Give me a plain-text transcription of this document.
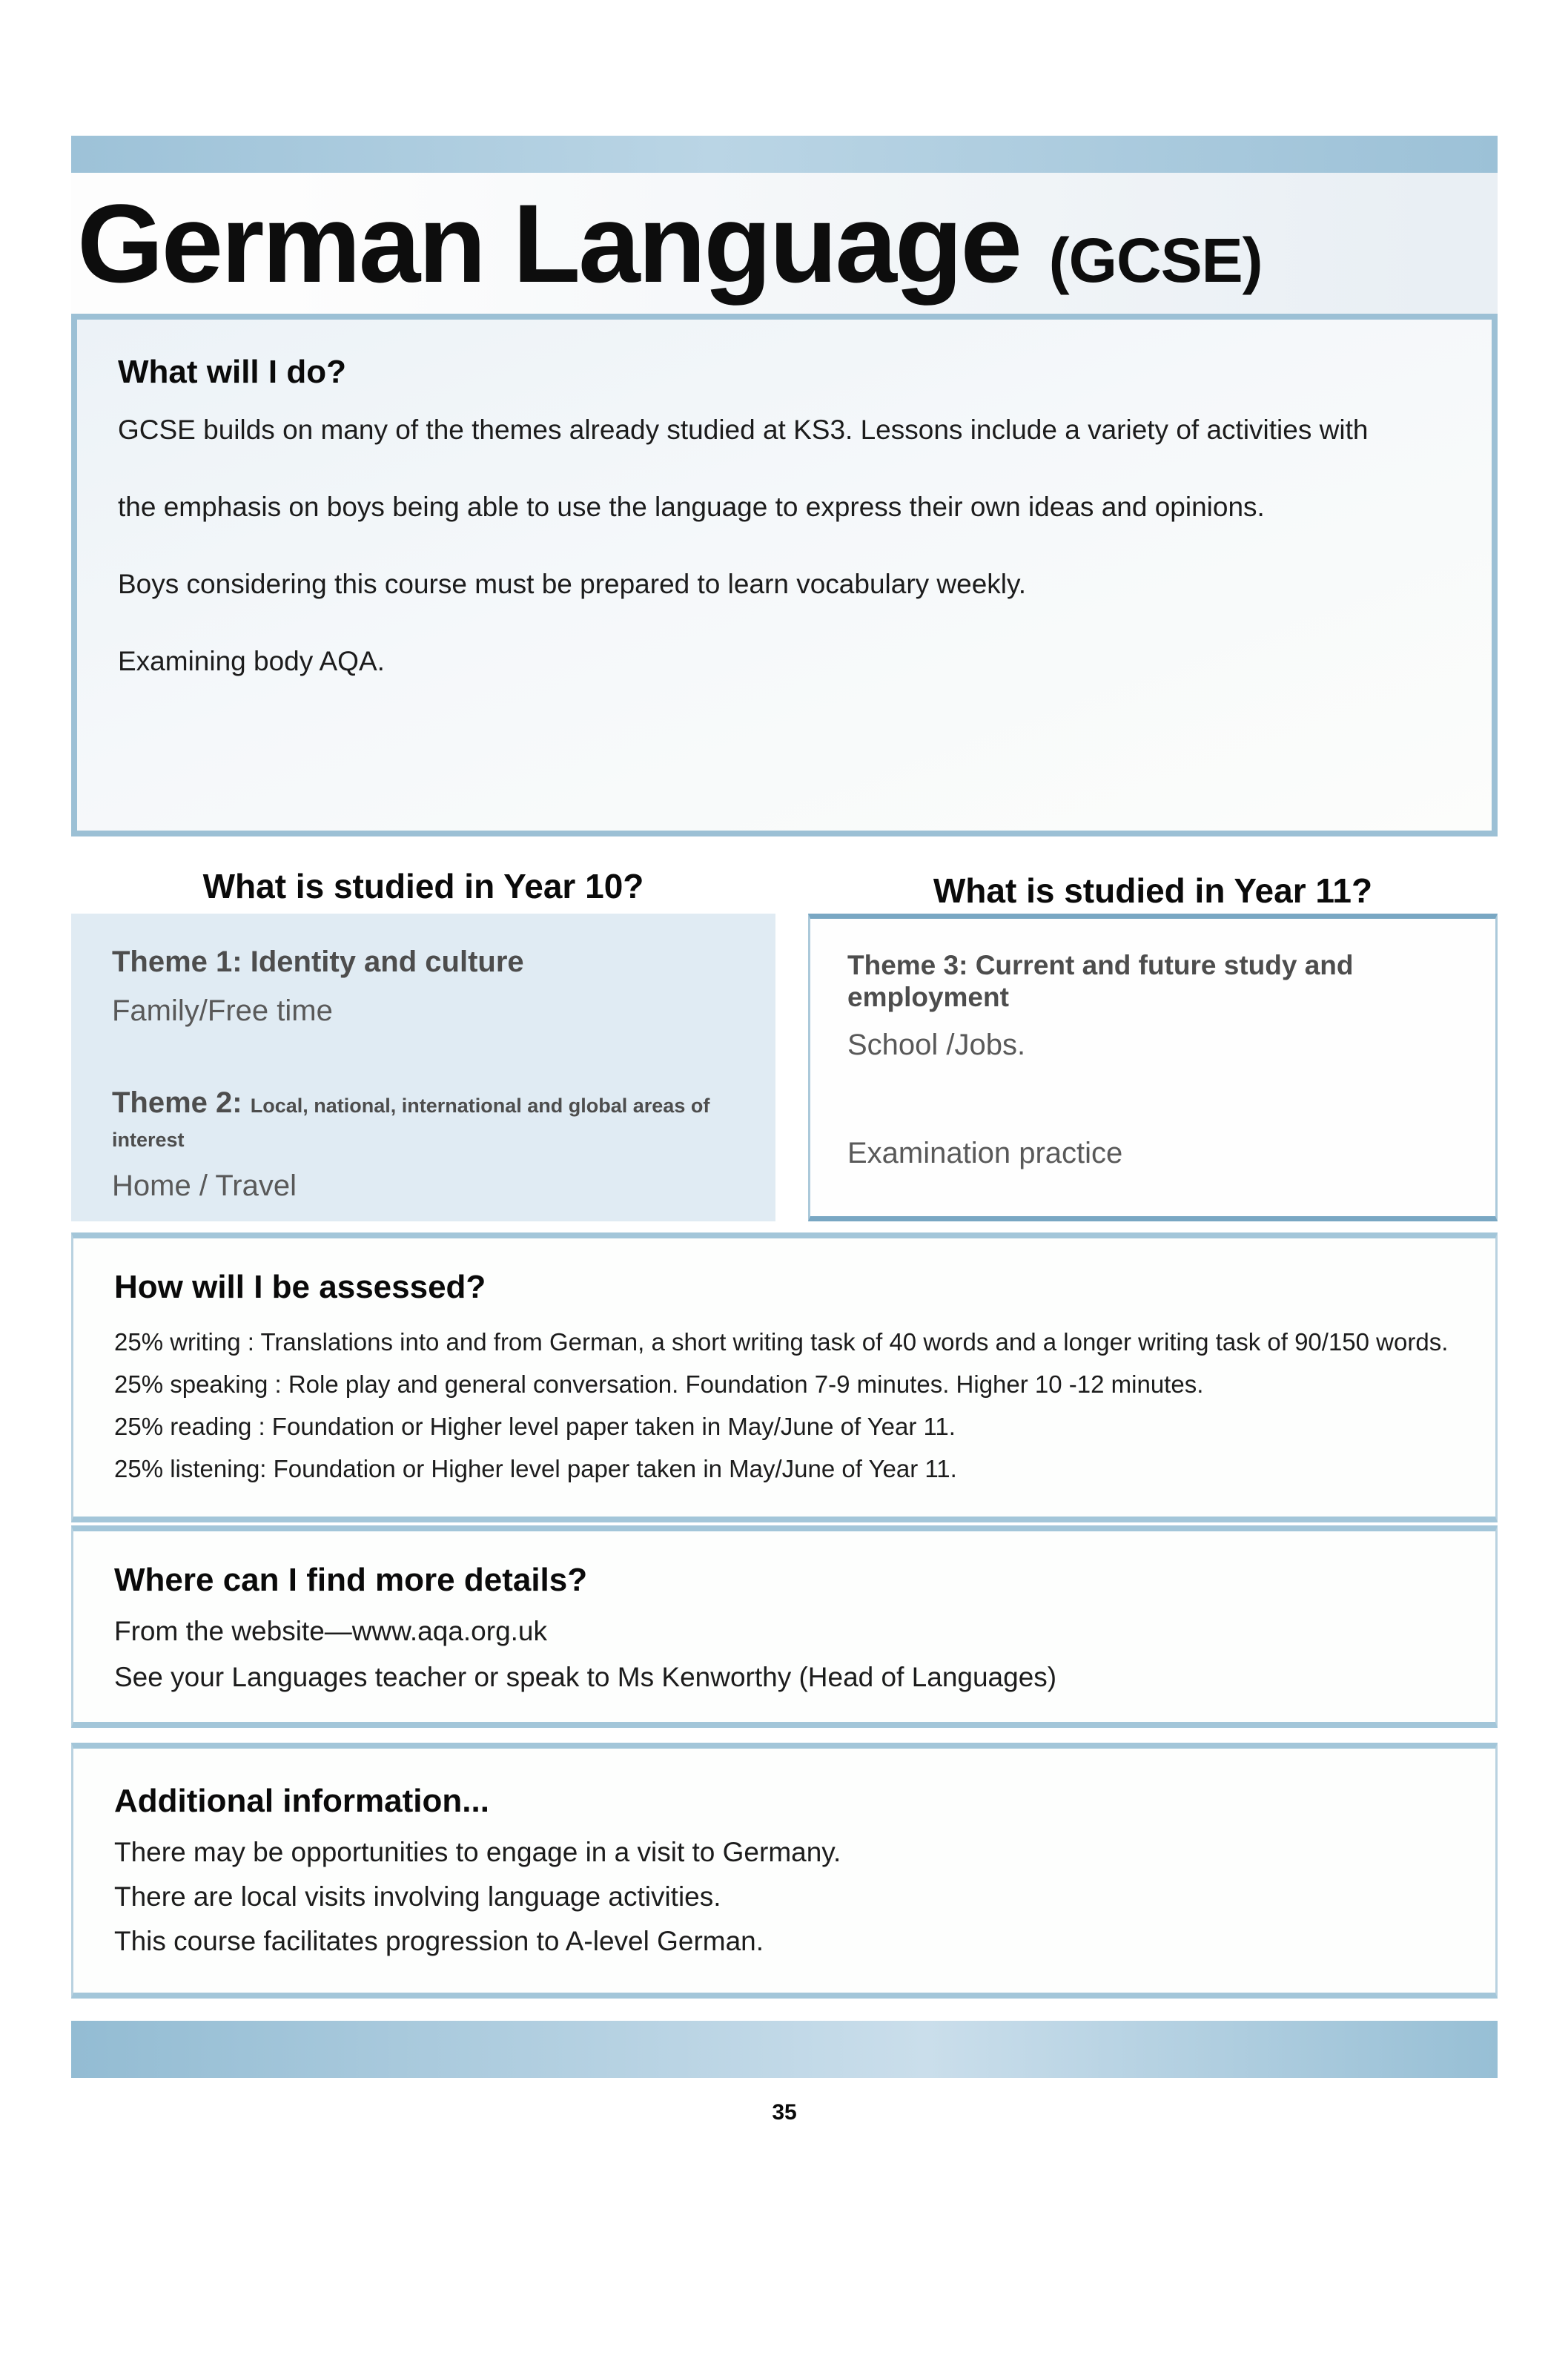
German Language (GCSE)
What will I do?

GCSE builds on many of the themes already studied at KS3. Lessons include a variety of activities with

the emphasis on boys being able to use the language to express their own ideas and opinions.

Boys considering this course must be prepared to learn vocabulary weekly.

Examining body AQA.

What is studied in Year 10?

Theme 1: Identity and culture

Family/Free time

Theme 2: Local, national, international and global areas of interest

Home / Travel

What is studied in Year 11?

Theme 3: Current and future study and employment

School /Jobs.

Examination practice

How will I be assessed?

25% writing : Translations into and from German, a short writing task of 40 words and a longer writing task of 90/150 words.

25% speaking : Role play and general conversation. Foundation 7-9 minutes. Higher 10 -12 minutes.

25% reading : Foundation or Higher level paper taken in May/June of Year 11.

25% listening: Foundation or Higher level paper taken in May/June of Year 11.

Where can I find more details?

From the website—www.aqa.org.uk

See your Languages teacher or speak to Ms Kenworthy (Head of Languages)

Additional information...

There may be opportunities to engage in a visit to Germany.

There are local visits involving language activities.

This course facilitates progression to A-level German.

35
